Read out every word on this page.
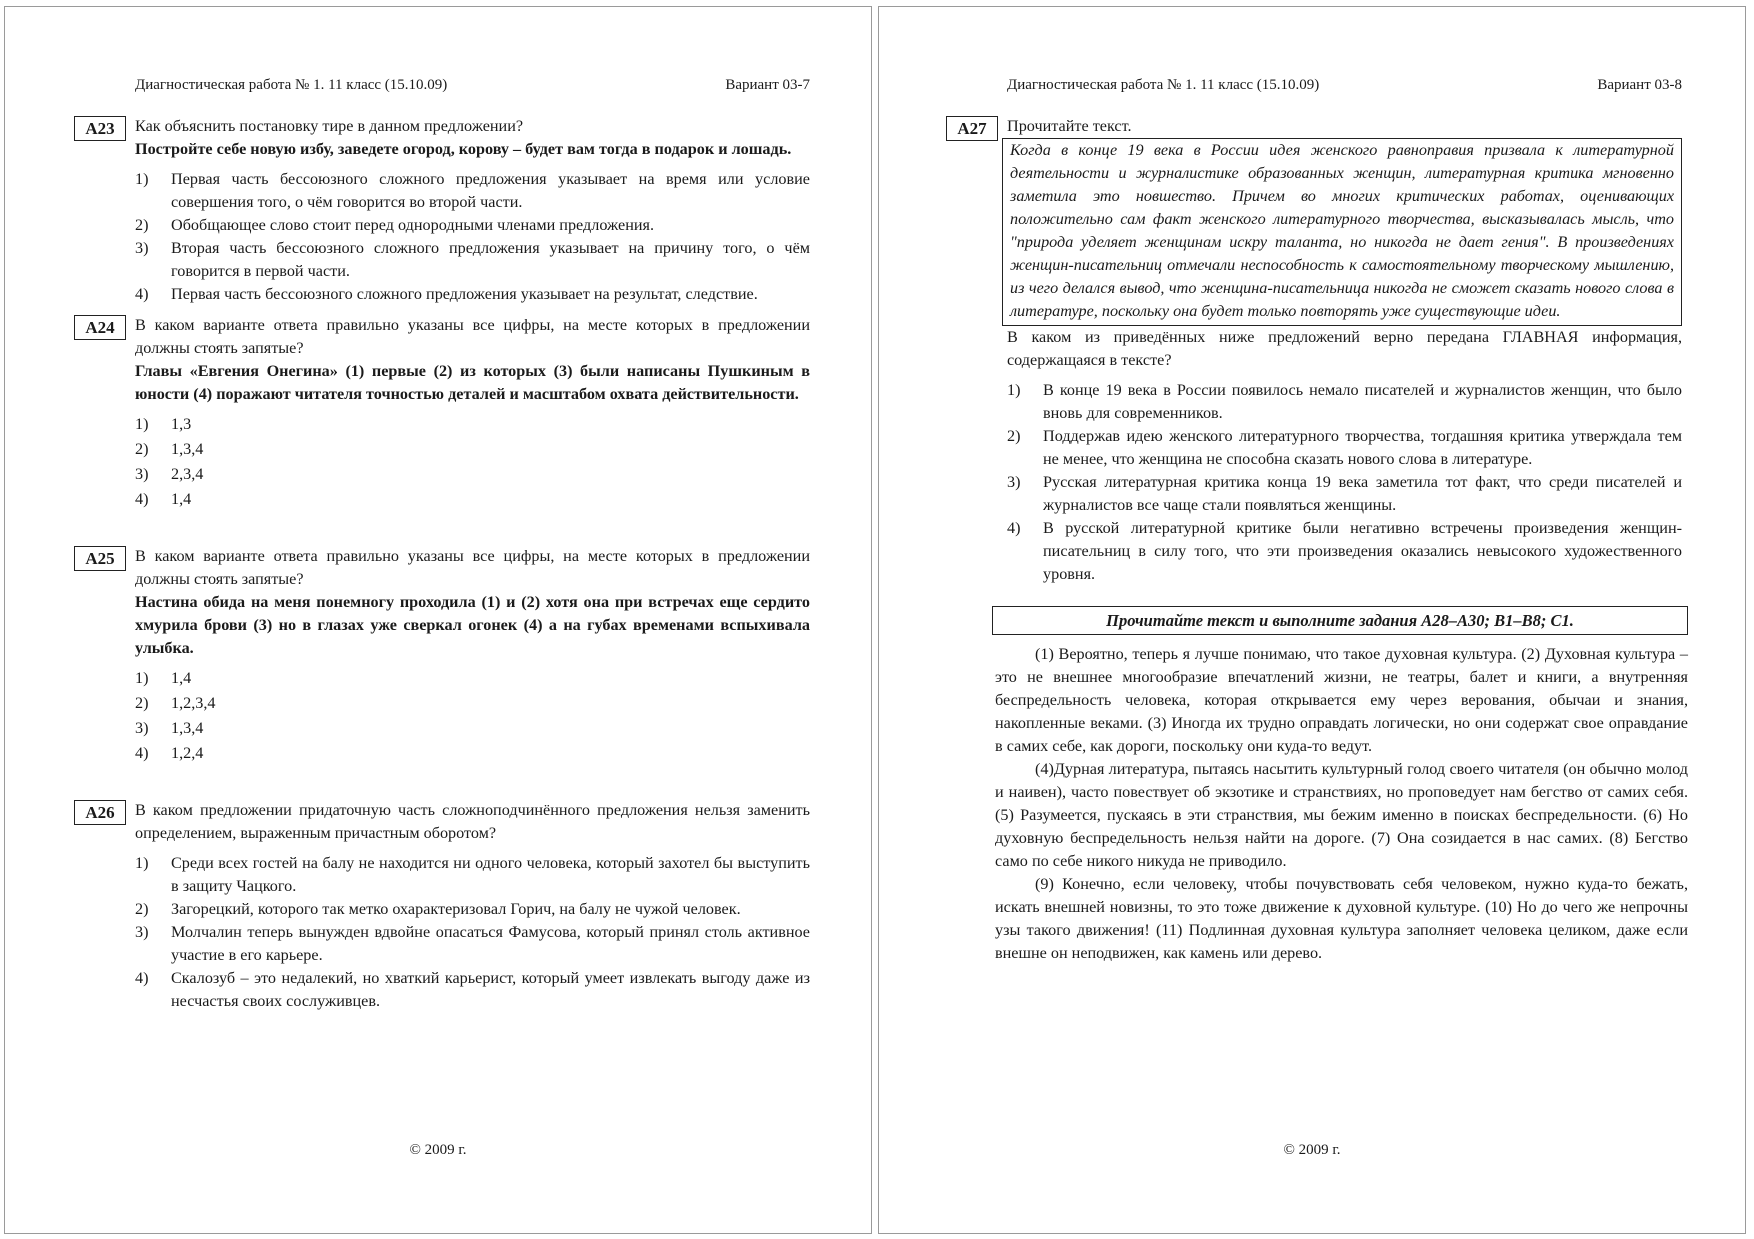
Диагностическая работа № 1. 11 класс (15.10.09)	Вариант 03-7
A23	Как объяснить постановку тире в данном предложении?
Постройте себе новую избу, заведете огород, корову – будет вам тогда в подарок и лошадь.
1)	Первая часть бессоюзного сложного предложения указывает на время или условие совершения того, о чём говорится во второй части.
2)	Обобщающее слово стоит перед однородными членами предложения.
3)	Вторая часть бессоюзного сложного предложения указывает на причину того, о чём говорится в первой части.
4)	Первая часть бессоюзного сложного предложения указывает на результат, следствие.
A24	В каком варианте ответа правильно указаны все цифры, на месте которых в предложении должны стоять запятые?
Главы «Евгения Онегина» (1) первые (2) из которых (3) были написаны Пушкиным в юности (4) поражают читателя точностью деталей и масштабом охвата действительности.
1)	1,3
2)	1,3,4
3)	2,3,4
4)	1,4
A25	В каком варианте ответа правильно указаны все цифры, на месте которых в предложении должны стоять запятые?
Настина обида на меня понемногу проходила (1) и (2) хотя она при встречах еще сердито хмурила брови (3) но в глазах уже сверкал огонек (4) а на губах временами вспыхивала улыбка.
1)	1,4
2)	1,2,3,4
3)	1,3,4
4)	1,2,4
A26	В каком предложении придаточную часть сложноподчинённого предложения нельзя заменить определением, выраженным причастным оборотом?
1)	Среди всех гостей на балу не находится ни одного человека, который захотел бы выступить в защиту Чацкого.
2)	Загорецкий, которого так метко охарактеризовал Горич, на балу не чужой человек.
3)	Молчалин теперь вынужден вдвойне опасаться Фамусова, который принял столь активное участие в его карьере.
4)	Скалозуб – это недалекий, но хваткий карьерист, который умеет извлекать выгоду даже из несчастья своих сослуживцев.
© 2009 г.
Диагностическая работа № 1. 11 класс (15.10.09)	Вариант 03-8
A27	Прочитайте текст.
Когда в конце 19 века в России идея женского равноправия призвала к литературной деятельности и журналистике образованных женщин, литературная критика мгновенно заметила это новшество. Причем во многих критических работах, оценивающих положительно сам факт женского литературного творчества, высказывалась мысль, что "природа уделяет женщинам искру таланта, но никогда не дает гения". В произведениях женщин-писательниц отмечали неспособность к самостоятельному творческому мышлению, из чего делался вывод, что женщина-писательница никогда не сможет сказать нового слова в литературе, поскольку она будет только повторять уже существующие идеи.
В каком из приведённых ниже предложений верно передана ГЛАВНАЯ информация, содержащаяся в тексте?
1)	В конце 19 века в России появилось немало писателей и журналистов женщин, что было вновь для современников.
2)	Поддержав идею женского литературного творчества, тогдашняя критика утверждала тем не менее, что женщина не способна сказать нового слова в литературе.
3)	Русская литературная критика конца 19 века заметила тот факт, что среди писателей и журналистов все чаще стали появляться женщины.
4)	В русской литературной критике были негативно встречены произведения женщин-писательниц в силу того, что эти произведения оказались невысокого художественного уровня.
Прочитайте текст и выполните задания А28–А30; В1–В8; С1.

(1) Вероятно, теперь я лучше понимаю, что такое духовная культура. (2) Духовная культура – это не внешнее многообразие впечатлений жизни, не театры, балет и книги, а внутренняя беспредельность человека, которая открывается ему через верования, обычаи и знания, накопленные веками. (3) Иногда их трудно оправдать логически, но они содержат свое оправдание в самих себе, как дороги, поскольку они куда-то ведут.

(4)Дурная литература, пытаясь насытить культурный голод своего читателя (он обычно молод и наивен), часто повествует об экзотике и странствиях, но проповедует нам бегство от самих себя. (5) Разумеется, пускаясь в эти странствия, мы бежим именно в поисках беспредельности. (6) Но духовную беспредельность нельзя найти на дороге. (7) Она созидается в нас самих. (8) Бегство само по себе никого никуда не приводило.

(9) Конечно, если человеку, чтобы почувствовать себя человеком, нужно куда-то бежать, искать внешней новизны, то это тоже движение к духовной культуре. (10) Но до чего же непрочны узы такого движения! (11) Подлинная духовная культура заполняет человека целиком, даже если внешне он неподвижен, как камень или дерево.

© 2009 г.
